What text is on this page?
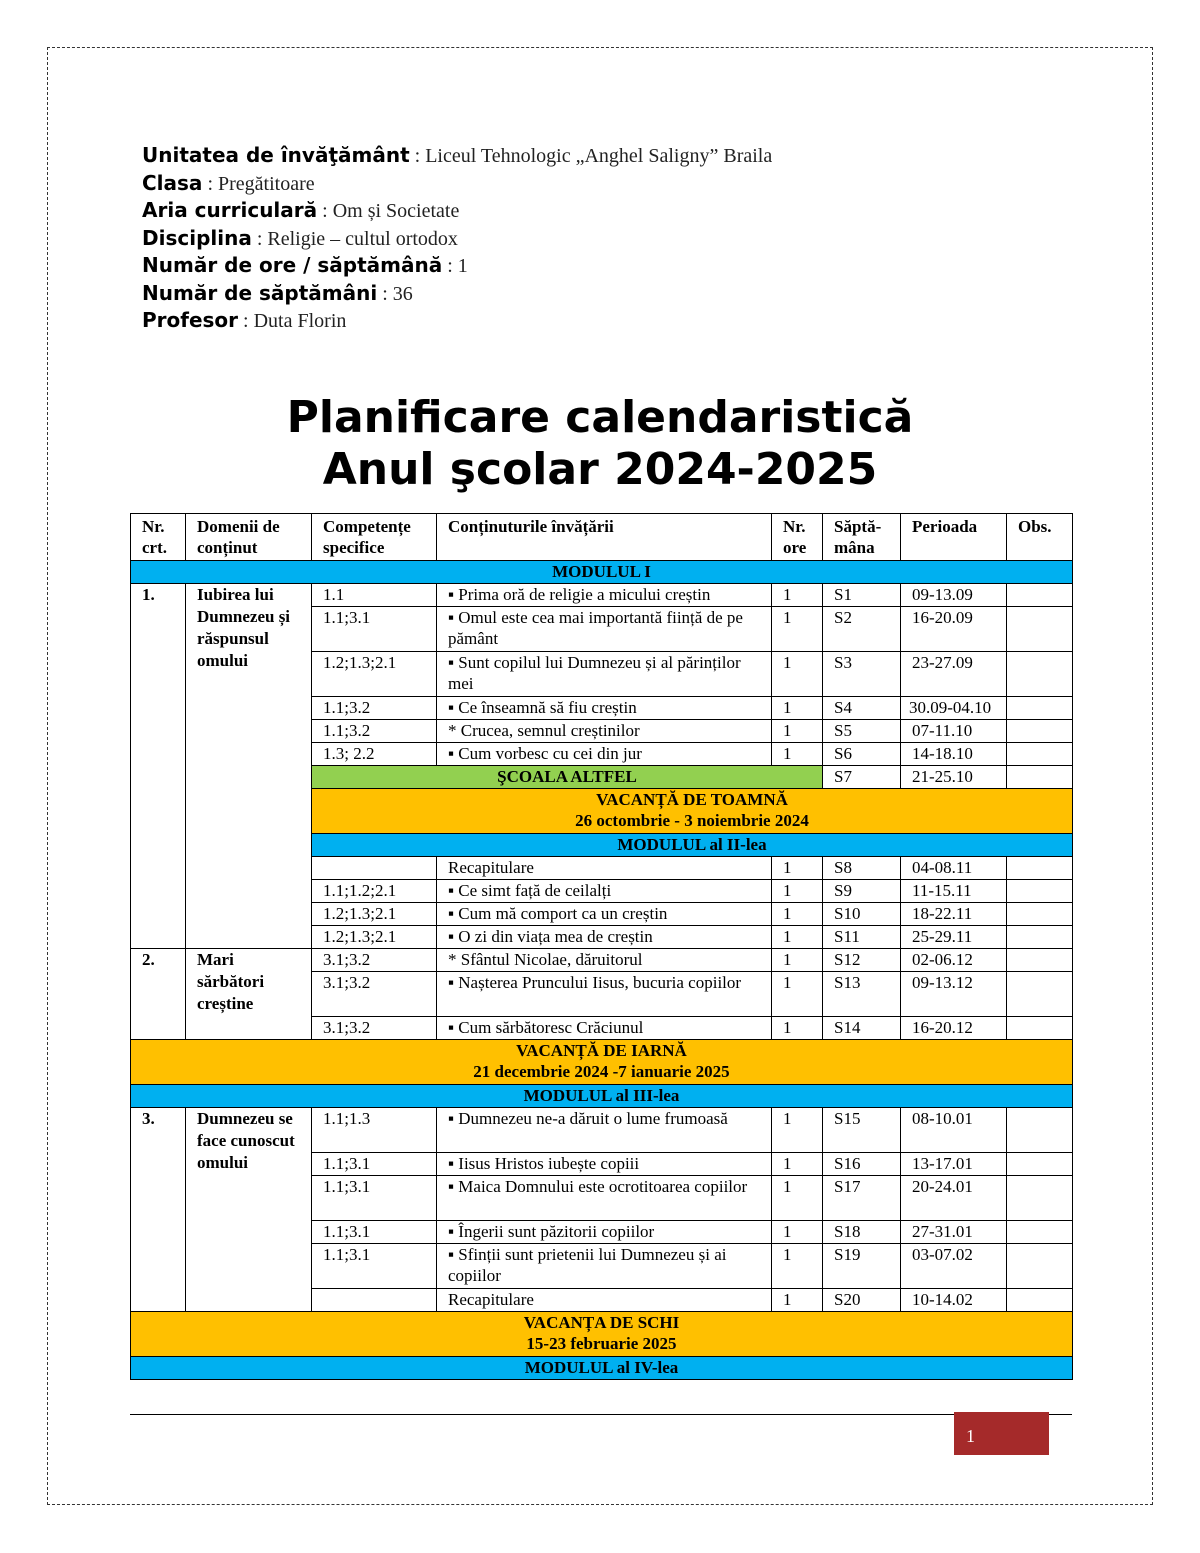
Unitatea de învăţământ : Liceul Tehnologic „Anghel Saligny” Braila
Clasa : Pregătitoare
Aria curriculară : Om și Societate
Disciplina : Religie – cultul ortodox
Număr de ore / săptămână : 1
Număr de săptămâni : 36
Profesor : Duta Florin
Planificare calendaristică
Anul şcolar 2024-2025
Nr. crt.	Domenii de conținut	Competențe specifice	Conținuturile învățării	Nr. ore	Săptă-mâna	Perioada	Obs.
MODULUL I							
1.	Iubirea lui Dumnezeu și răspunsul omului	1.1	▪ Prima oră de religie a micului creștin	1	S1	09-13.09	
		1.1;3.1	▪ Omul este cea mai importantă ființă de pe pământ	1	S2	16-20.09	
		1.2;1.3;2.1	▪ Sunt copilul lui Dumnezeu și al părinților mei	1	S3	23-27.09	
		1.1;3.2	▪ Ce înseamnă să fiu creștin	1	S4	30.09-04.10	
		1.1;3.2	* Crucea, semnul creștinilor	1	S5	07-11.10	
		1.3; 2.2	▪ Cum vorbesc cu cei din jur	1	S6	14-18.10	
		ŞCOALA ALTFEL			S7	21-25.10	

		VACANȚĂ DE TOAMNĂ
26 octombrie - 3 noiembrie 2024					

		MODULUL al II-lea					
			Recapitulare	1	S8	04-08.11	
		1.1;1.2;2.1	▪ Ce simt față de ceilalți	1	S9	11-15.11	
		1.2;1.3;2.1	▪ Cum mă comport ca un creștin	1	S10	18-22.11	
		1.2;1.3;2.1	▪ O zi din viața mea de creștin	1	S11	25-29.11	
2.	Mari sărbători creștine	3.1;3.2	* Sfântul Nicolae, dăruitorul	1	S12	02-06.12	
		3.1;3.2	▪ Nașterea Pruncului Iisus, bucuria copiilor	1	S13	09-13.12	
		3.1;3.2	▪ Cum sărbătoresc Crăciunul	1	S14	16-20.12	

VACANȚĂ DE IARNĂ
21 decembrie 2024 -7 ianuarie 2025							

MODULUL al III-lea							
3.	Dumnezeu se face cunoscut omului	1.1;1.3	▪ Dumnezeu ne-a dăruit o lume frumoasă	1	S15	08-10.01	
		1.1;3.1	▪ Iisus Hristos iubește copiii	1	S16	13-17.01	
		1.1;3.1	▪ Maica Domnului este ocrotitoarea copiilor	1	S17	20-24.01	
		1.1;3.1	▪ Îngerii sunt păzitorii copiilor	1	S18	27-31.01	
		1.1;3.1	▪ Sfinții sunt prietenii lui Dumnezeu și ai copiilor	1	S19	03-07.02	
			Recapitulare	1	S20	10-14.02	

VACANȚA DE SCHI
15-23 februarie 2025							

MODULUL al IV-lea							
1
